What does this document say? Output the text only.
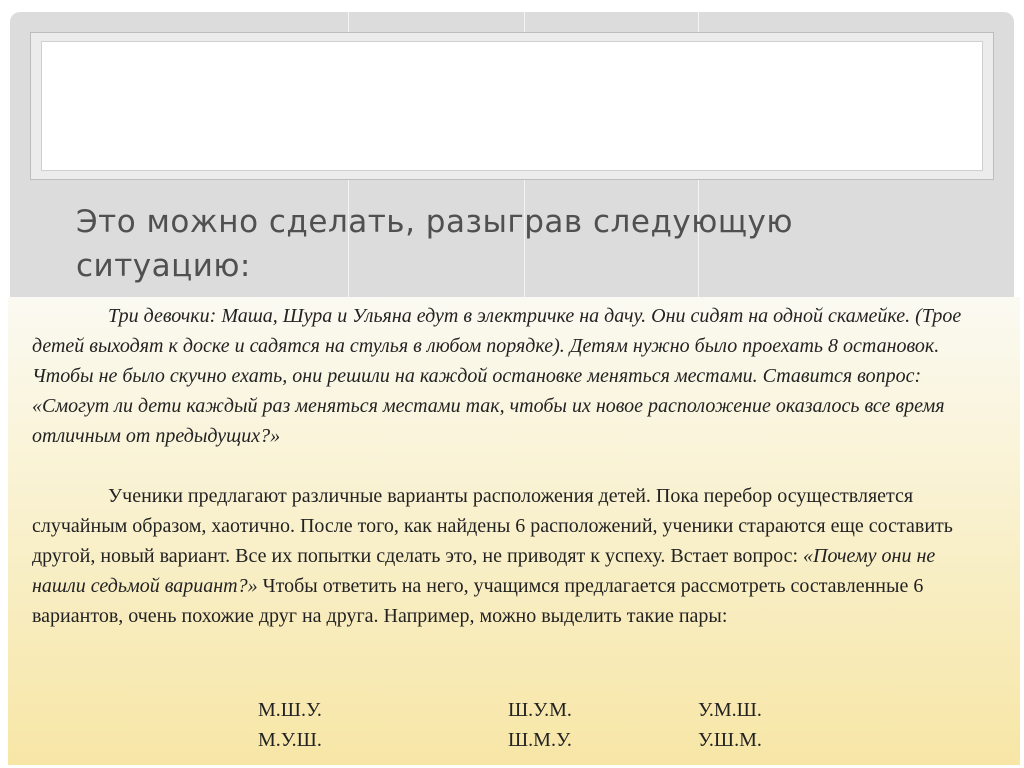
Это можно сделать, разыграв следующую ситуацию:

Три девочки: Маша, Шура и Ульяна едут в электричке на дачу. Они сидят на одной скамейке. (Трое детей выходят к доске и садятся на стулья в любом порядке). Детям нужно было проехать 8 остановок. Чтобы не было скучно ехать, они решили на каждой остановке меняться местами. Ставится вопрос: «Смогут ли дети каждый раз меняться местами так, чтобы их новое расположение оказалось все время отличным от предыдущих?»

Ученики предлагают различные варианты расположения детей. Пока перебор осуществляется случайным образом, хаотично. После того, как найдены 6 расположений, ученики стараются еще составить другой, новый вариант. Все их попытки сделать это, не приводят к успеху. Встает вопрос: «Почему они не нашли седьмой вариант?» Чтобы ответить на него, учащимся предлагается рассмотреть составленные 6 вариантов, очень похожие друг на друга. Например, можно выделить такие пары:

М.Ш.У.	Ш.У.М.	У.М.Ш.
М.У.Ш.	Ш.М.У.	У.Ш.М.
